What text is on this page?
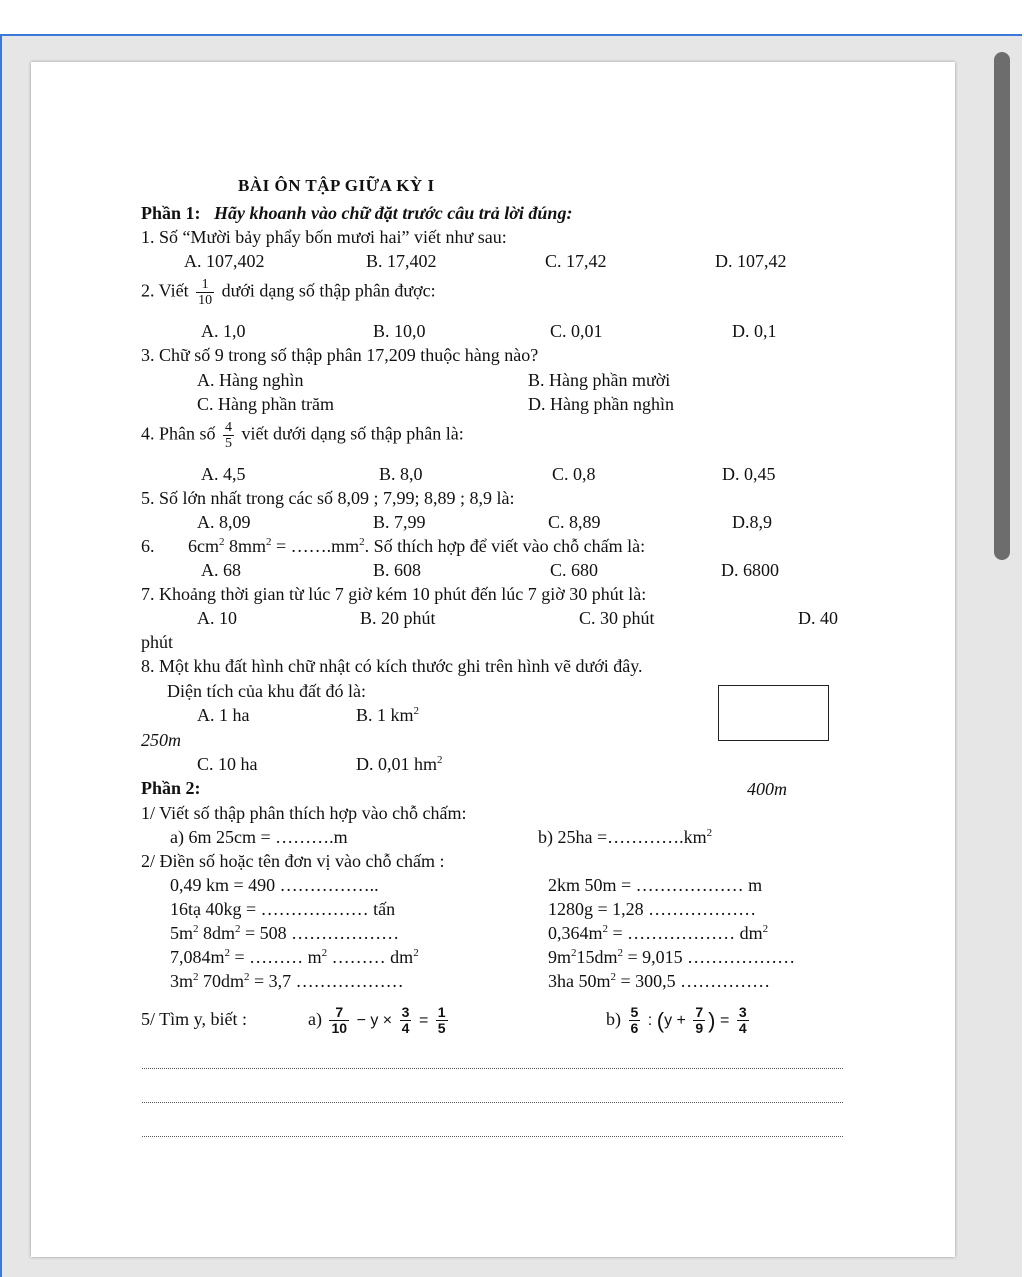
BÀI ÔN TẬP GIỮA KỲ I
Phần 1: Hãy khoanh vào chữ đặt trước câu trả lời đúng:
1. Số “Mười bảy phẩy bốn mươi hai” viết như sau:
A. 107,402	B. 17,402	C. 17,42	D. 107,42
2. Viết $\frac{1}{10}$ dưới dạng số thập phân được:
A. 1,0	B. 10,0	C. 0,01	D. 0,1
3. Chữ số 9 trong số thập phân 17,209 thuộc hàng nào?
A. Hàng nghìn	B. Hàng phần mười
C. Hàng phần trăm	D. Hàng phần nghìn
4. Phân số $\frac{4}{5}$ viết dưới dạng số thập phân là:
A. 4,5	B. 8,0	C. 0,8	D. 0,45
5. Số lớn nhất trong các số 8,09 ; 7,99; 8,89 ; 8,9 là:
A. 8,09	B. 7,99	C. 8,89	D.8,9
6. $6cm^2$ $8mm^2$ = $\dots\dots.mm^2$. Số thích hợp để viết vào chỗ chấm là:
A. 68	B. 608	C. 680	D. 6800
7. Khoảng thời gian từ lúc 7 giờ kém 10 phút đến lúc 7 giờ 30 phút là:
A. 10	B. 20 phút	C. 30 phút	D. 40
phút
8. Một khu đất hình chữ nhật có kích thước ghi trên hình vẽ dưới đây.
Diện tích của khu đất đó là:
A. 1 ha	B. 1 $km^2$
250m
C. 10 ha	D. 0,01 $hm^2$
400m
Phần 2:
1/ Viết số thập phân thích hợp vào chỗ chấm:
a) 6m 25cm = ……….m	b) $25ha =\dots\dots\dots\dots.km^2$
2/ Điền số hoặc tên đơn vị vào chỗ chấm :
0,49 km = 490 ……………..	2km 50m = ……………… m
16tạ 40kg = ……………… tấn	1280g = 1,28 ………………
$5m^2$ $8dm^2 = 508$ ………………	$0,364m^2$ = ……………… $dm^2$
$7,084m^2$ = ……… $m^2$ ……… $dm^2$	$9m^215dm^2 = 9,015$ ………………
$3m^2$ $70dm^2 = 3,7$ ………………	3ha $50m^2 = 300,5$ ……………
5/ Tìm y, biết :	$a) \frac{7}{10} - y \times \frac{3}{4} = \frac{1}{5}$	$b) \frac{5}{6}$ : ($y + \frac{7}{9}$ ) = $\frac{3}{4}$
